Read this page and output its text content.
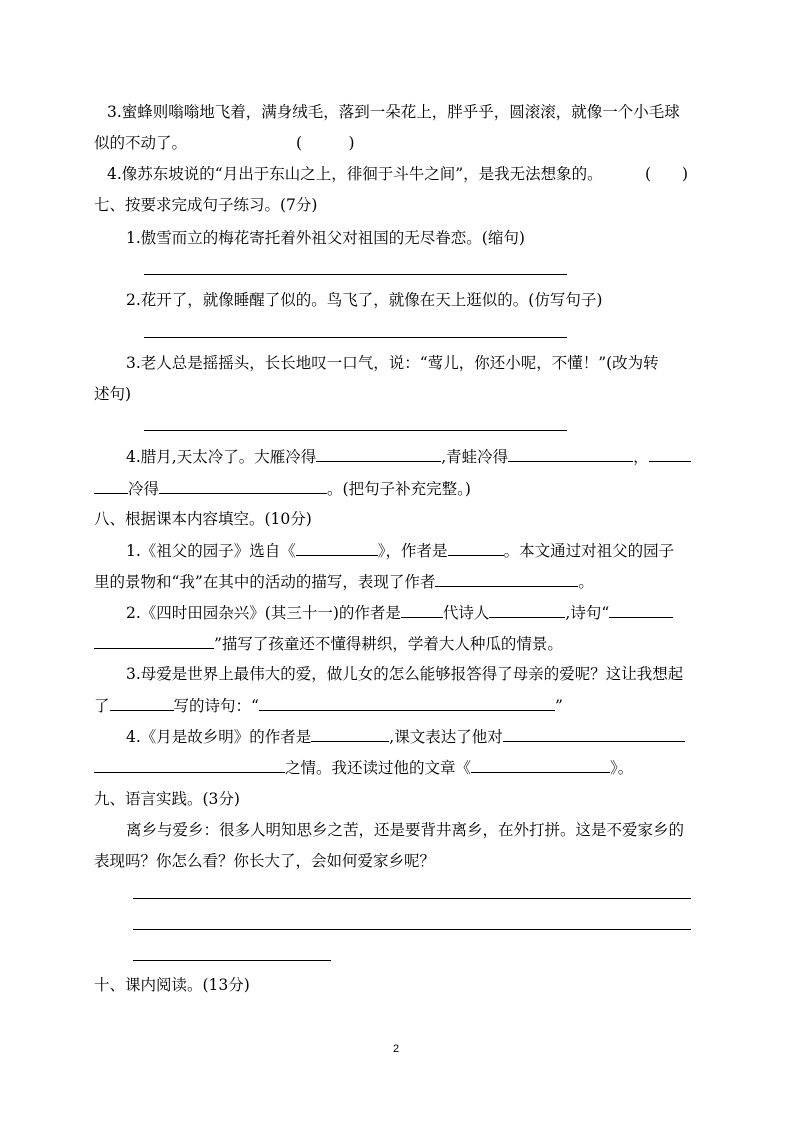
3.蜜蜂则嗡嗡地飞着，满身绒毛，落到一朵花上，胖乎乎，圆滚滚，就像一个小毛球
似的不动了。	(　　　)
4.像苏东坡说的“月出于东山之上，徘徊于斗牛之间”，是我无法想象的。	(　　)
七、按要求完成句子练习。(7分)
1.傲雪而立的梅花寄托着外祖父对祖国的无尽眷恋。(缩句)
2.花开了，就像睡醒了似的。鸟飞了，就像在天上逛似的。(仿写句子)
3.老人总是摇摇头，长长地叹一口气，说：“莺儿，你还小呢，不懂！”(改为转
述句)
4.腊月,天太冷了。大雁冷得	,青蛙冷得	，
冷得	。(把句子补充完整。)
八、根据课本内容填空。(10分)
1.《祖父的园子》选自《	》，作者是	。本文通过对祖父的园子
里的景物和“我”在其中的活动的描写，表现了作者	。
2.《四时田园杂兴》(其三十一)的作者是	代诗人	,诗句“
”描写了孩童还不懂得耕织，学着大人种瓜的情景。
3.母爱是世界上最伟大的爱，做儿女的怎么能够报答得了母亲的爱呢？这让我想起
了	写的诗句：“	”
4.《月是故乡明》的作者是	,课文表达了他对
之情。我还读过他的文章《	》。
九、语言实践。(3分)
离乡与爱乡：很多人明知思乡之苦，还是要背井离乡，在外打拼。这是不爱家乡的
表现吗？你怎么看？你长大了，会如何爱家乡呢？
十、课内阅读。(13分)
2
